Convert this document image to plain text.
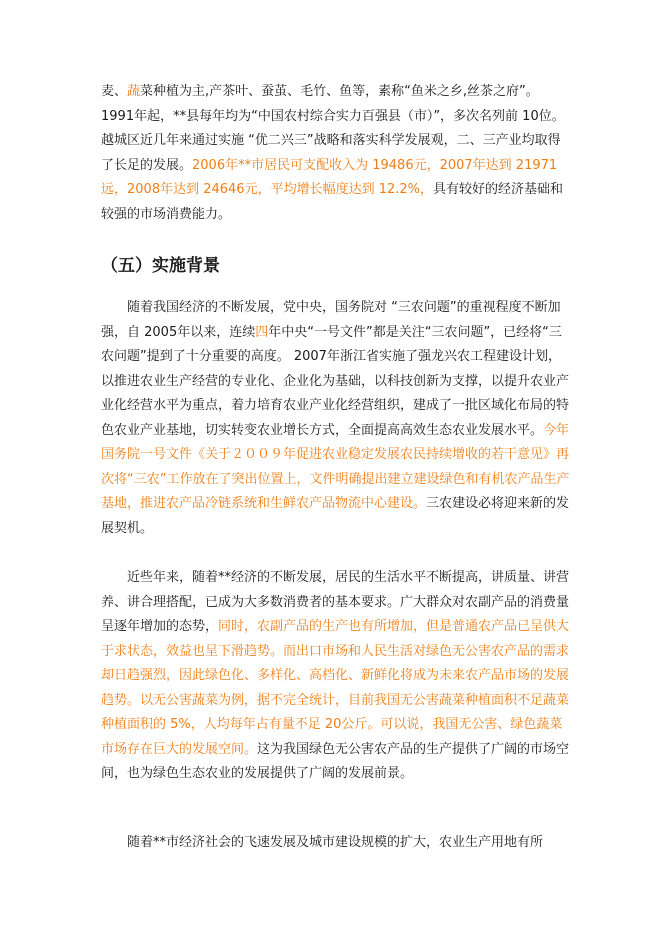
麦、蔬菜种植为主,产茶叶、蚕茧、毛竹、鱼等，素称“鱼米之乡,丝茶之府”。1991年起，**县每年均为“中国农村综合实力百强县（市）”，多次名列前 10位。越城区近几年来通过实施 “优二兴三”战略和落实科学发展观，二、三产业均取得了长足的发展。2006年**市居民可支配收入为 19486元，2007年达到 21971远，2008年达到 24646元，平均增长幅度达到 12.2%，具有较好的经济基础和较强的市场消费能力。

（五）实施背景

随着我国经济的不断发展，党中央，国务院对 “三农问题”的重视程度不断加强，自 2005年以来，连续四年中央“一号文件”都是关注“三农问题”，已经将“三农问题”提到了十分重要的高度。 2007年浙江省实施了强龙兴农工程建设计划，以推进农业生产经营的专业化、企业化为基础，以科技创新为支撑，以提升农业产业化经营水平为重点，着力培育农业产业化经营组织，建成了一批区域化布局的特色农业产业基地，切实转变农业增长方式，全面提高高效生态农业发展水平。今年国务院一号文件《关于２００９年促进农业稳定发展农民持续增收的若干意见》再次将“三农”工作放在了突出位置上，文件明确提出建立建设绿色和有机农产品生产基地，推进农产品冷链系统和生鲜农产品物流中心建设。三农建设必将迎来新的发展契机。

近些年来，随着**经济的不断发展，居民的生活水平不断提高，讲质量、讲营养、讲合理搭配，已成为大多数消费者的基本要求。广大群众对农副产品的消费量呈逐年增加的态势，同时，农副产品的生产也有所增加，但是普通农产品已呈供大于求状态，效益也呈下滑趋势。而出口市场和人民生活对绿色无公害农产品的需求却日趋强烈，因此绿色化、多样化、高档化、新鲜化将成为未来农产品市场的发展趋势。以无公害蔬菜为例，据不完全统计，目前我国无公害蔬菜种植面积不足蔬菜种植面积的 5%，人均每年占有量不足 20公斤。可以说，我国无公害、绿色蔬菜市场存在巨大的发展空间。这为我国绿色无公害农产品的生产提供了广阔的市场空间，也为绿色生态农业的发展提供了广阔的发展前景。

随着**市经济社会的飞速发展及城市建设规模的扩大，农业生产用地有所
